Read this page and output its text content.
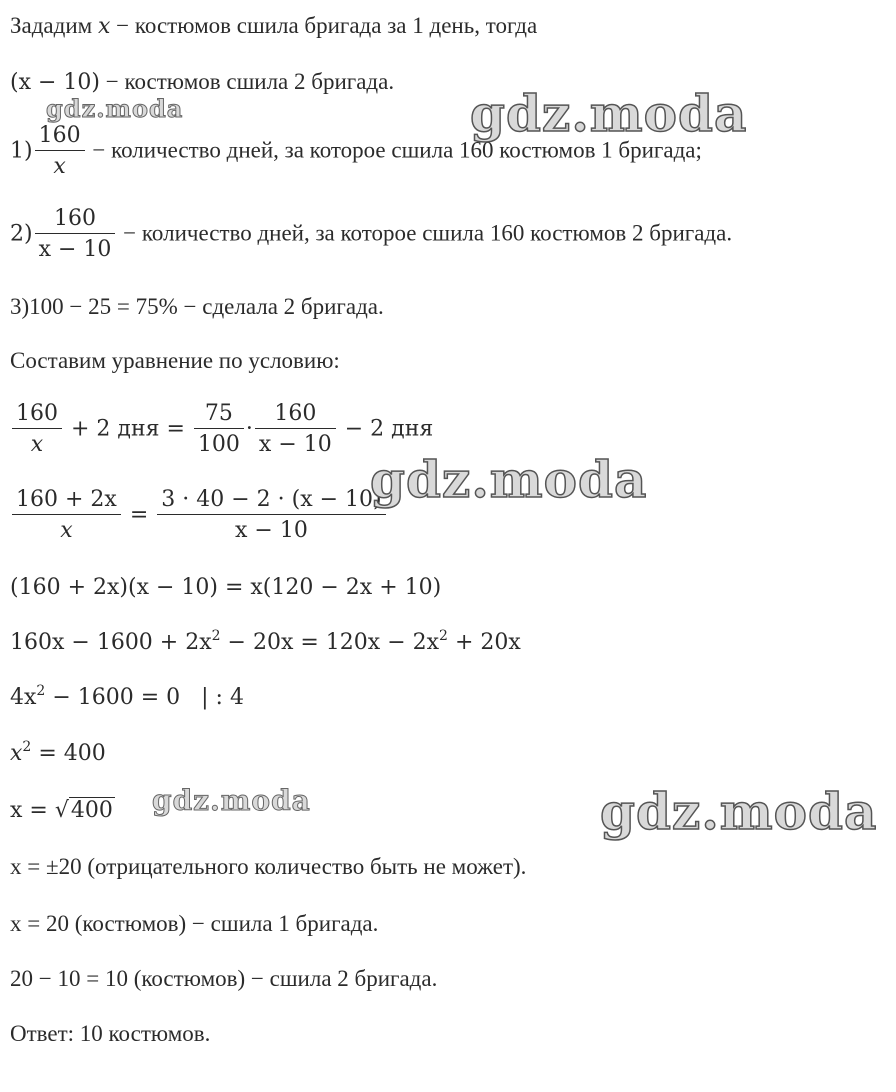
Зададим x − костюмов сшила бригада за 1 день, тогда
(x − 10) − костюмов сшила 2 бригада.
$1) \frac{160}{x}$ − количество дней, за которое сшила 160 костюмов 1 бригада;
$2) \frac{160}{x - 10}$ − количество дней, за которое сшила 160 костюмов 2 бригада.
3)100 − 25 = 75% − сделала 2 бригада.
Составим уравнение по условию:
$\frac{160}{x} + 2$ дня = $\frac{75}{100} \cdot \frac{160}{x - 10} - 2$ дня
$\frac{160 + 2x}{x} = \frac{3 \cdot 40 - 2 \cdot (x - 10)}{x - 10}$
(160 + 2x)(x − 10) = x(120 − 2x + 10)
$160x - 1600 + 2x^2 - 20x = 120x - 2x^2 + 20x$
$4x^2 - 1600 = 0$   | : 4
$x^2 = 400$
x = √400
x = ±20 (отрицательного количество быть не может).
x = 20 (костюмов) − сшила 1 бригада.
20 − 10 = 10 (костюмов) − сшила 2 бригада.
Ответ: 10 костюмов.
gdz.moda	gdz.moda
gdz.moda
gdz.moda	gdz.moda
